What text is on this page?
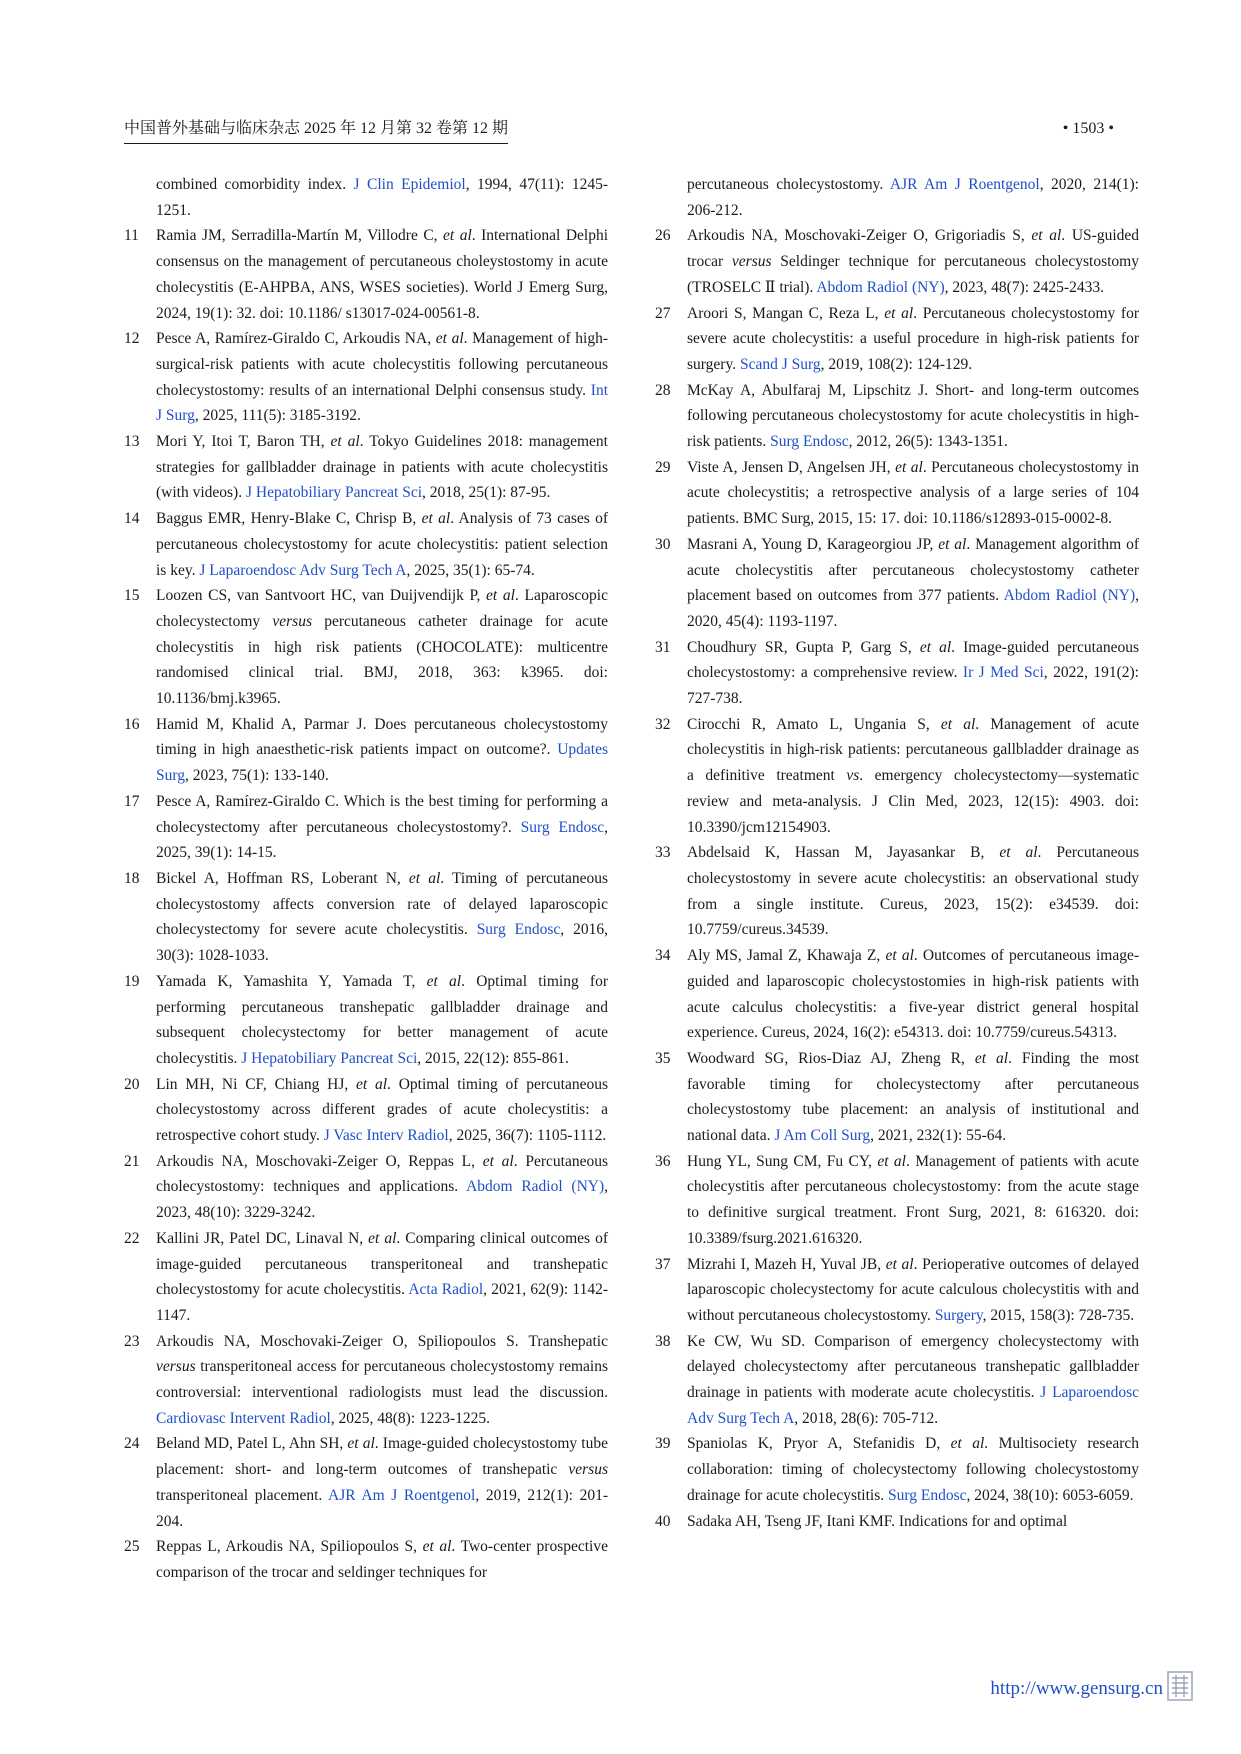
中国普外基础与临床杂志 2025 年 12 月第 32 卷第 12 期	• 1503 •
combined comorbidity index. J Clin Epidemiol, 1994, 47(11): 1245-1251.
11 Ramia JM, Serradilla-Martín M, Villodre C, et al. International Delphi consensus on the management of percutaneous choleystostomy in acute cholecystitis (E-AHPBA, ANS, WSES societies). World J Emerg Surg, 2024, 19(1): 32. doi: 10.1186/ s13017-024-00561-8.
12 Pesce A, Ramírez-Giraldo C, Arkoudis NA, et al. Management of high-surgical-risk patients with acute cholecystitis following percutaneous cholecystostomy: results of an international Delphi consensus study. Int J Surg, 2025, 111(5): 3185-3192.
13 Mori Y, Itoi T, Baron TH, et al. Tokyo Guidelines 2018: management strategies for gallbladder drainage in patients with acute cholecystitis (with videos). J Hepatobiliary Pancreat Sci, 2018, 25(1): 87-95.
14 Baggus EMR, Henry-Blake C, Chrisp B, et al. Analysis of 73 cases of percutaneous cholecystostomy for acute cholecystitis: patient selection is key. J Laparoendosc Adv Surg Tech A, 2025, 35(1): 65-74.
15 Loozen CS, van Santvoort HC, van Duijvendijk P, et al. Laparoscopic cholecystectomy versus percutaneous catheter drainage for acute cholecystitis in high risk patients (CHOCOLATE): multicentre randomised clinical trial. BMJ, 2018, 363: k3965. doi: 10.1136/bmj.k3965.
16 Hamid M, Khalid A, Parmar J. Does percutaneous cholecystostomy timing in high anaesthetic-risk patients impact on outcome?. Updates Surg, 2023, 75(1): 133-140.
17 Pesce A, Ramírez-Giraldo C. Which is the best timing for performing a cholecystectomy after percutaneous cholecystostomy?. Surg Endosc, 2025, 39(1): 14-15.
18 Bickel A, Hoffman RS, Loberant N, et al. Timing of percutaneous cholecystostomy affects conversion rate of delayed laparoscopic cholecystectomy for severe acute cholecystitis. Surg Endosc, 2016, 30(3): 1028-1033.
19 Yamada K, Yamashita Y, Yamada T, et al. Optimal timing for performing percutaneous transhepatic gallbladder drainage and subsequent cholecystectomy for better management of acute cholecystitis. J Hepatobiliary Pancreat Sci, 2015, 22(12): 855-861.
20 Lin MH, Ni CF, Chiang HJ, et al. Optimal timing of percutaneous cholecystostomy across different grades of acute cholecystitis: a retrospective cohort study. J Vasc Interv Radiol, 2025, 36(7): 1105-1112.
21 Arkoudis NA, Moschovaki-Zeiger O, Reppas L, et al. Percutaneous cholecystostomy: techniques and applications. Abdom Radiol (NY), 2023, 48(10): 3229-3242.
22 Kallini JR, Patel DC, Linaval N, et al. Comparing clinical outcomes of image-guided percutaneous transperitoneal and transhepatic cholecystostomy for acute cholecystitis. Acta Radiol, 2021, 62(9): 1142-1147.
23 Arkoudis NA, Moschovaki-Zeiger O, Spiliopoulos S. Transhepatic versus transperitoneal access for percutaneous cholecystostomy remains controversial: interventional radiologists must lead the discussion. Cardiovasc Intervent Radiol, 2025, 48(8): 1223-1225.
24 Beland MD, Patel L, Ahn SH, et al. Image-guided cholecystostomy tube placement: short- and long-term outcomes of transhepatic versus transperitoneal placement. AJR Am J Roentgenol, 2019, 212(1): 201-204.
25 Reppas L, Arkoudis NA, Spiliopoulos S, et al. Two-center prospective comparison of the trocar and seldinger techniques for
percutaneous cholecystostomy. AJR Am J Roentgenol, 2020, 214(1): 206-212.
26 Arkoudis NA, Moschovaki-Zeiger O, Grigoriadis S, et al. US-guided trocar versus Seldinger technique for percutaneous cholecystostomy (TROSELC Ⅱ trial). Abdom Radiol (NY), 2023, 48(7): 2425-2433.
27 Aroori S, Mangan C, Reza L, et al. Percutaneous cholecystostomy for severe acute cholecystitis: a useful procedure in high-risk patients for surgery. Scand J Surg, 2019, 108(2): 124-129.
28 McKay A, Abulfaraj M, Lipschitz J. Short- and long-term outcomes following percutaneous cholecystostomy for acute cholecystitis in high-risk patients. Surg Endosc, 2012, 26(5): 1343-1351.
29 Viste A, Jensen D, Angelsen JH, et al. Percutaneous cholecystostomy in acute cholecystitis; a retrospective analysis of a large series of 104 patients. BMC Surg, 2015, 15: 17. doi: 10.1186/s12893-015-0002-8.
30 Masrani A, Young D, Karageorgiou JP, et al. Management algorithm of acute cholecystitis after percutaneous cholecystostomy catheter placement based on outcomes from 377 patients. Abdom Radiol (NY), 2020, 45(4): 1193-1197.
31 Choudhury SR, Gupta P, Garg S, et al. Image-guided percutaneous cholecystostomy: a comprehensive review. Ir J Med Sci, 2022, 191(2): 727-738.
32 Cirocchi R, Amato L, Ungania S, et al. Management of acute cholecystitis in high-risk patients: percutaneous gallbladder drainage as a definitive treatment vs. emergency cholecystectomy—systematic review and meta-analysis. J Clin Med, 2023, 12(15): 4903. doi: 10.3390/jcm12154903.
33 Abdelsaid K, Hassan M, Jayasankar B, et al. Percutaneous cholecystostomy in severe acute cholecystitis: an observational study from a single institute. Cureus, 2023, 15(2): e34539. doi: 10.7759/cureus.34539.
34 Aly MS, Jamal Z, Khawaja Z, et al. Outcomes of percutaneous image-guided and laparoscopic cholecystostomies in high-risk patients with acute calculus cholecystitis: a five-year district general hospital experience. Cureus, 2024, 16(2): e54313. doi: 10.7759/cureus.54313.
35 Woodward SG, Rios-Diaz AJ, Zheng R, et al. Finding the most favorable timing for cholecystectomy after percutaneous cholecystostomy tube placement: an analysis of institutional and national data. J Am Coll Surg, 2021, 232(1): 55-64.
36 Hung YL, Sung CM, Fu CY, et al. Management of patients with acute cholecystitis after percutaneous cholecystostomy: from the acute stage to definitive surgical treatment. Front Surg, 2021, 8: 616320. doi: 10.3389/fsurg.2021.616320.
37 Mizrahi I, Mazeh H, Yuval JB, et al. Perioperative outcomes of delayed laparoscopic cholecystectomy for acute calculous cholecystitis with and without percutaneous cholecystostomy. Surgery, 2015, 158(3): 728-735.
38 Ke CW, Wu SD. Comparison of emergency cholecystectomy with delayed cholecystectomy after percutaneous transhepatic gallbladder drainage in patients with moderate acute cholecystitis. J Laparoendosc Adv Surg Tech A, 2018, 28(6): 705-712.
39 Spaniolas K, Pryor A, Stefanidis D, et al. Multisociety research collaboration: timing of cholecystectomy following cholecystostomy drainage for acute cholecystitis. Surg Endosc, 2024, 38(10): 6053-6059.
40 Sadaka AH, Tseng JF, Itani KMF. Indications for and optimal
http://www.gensurg.cn
